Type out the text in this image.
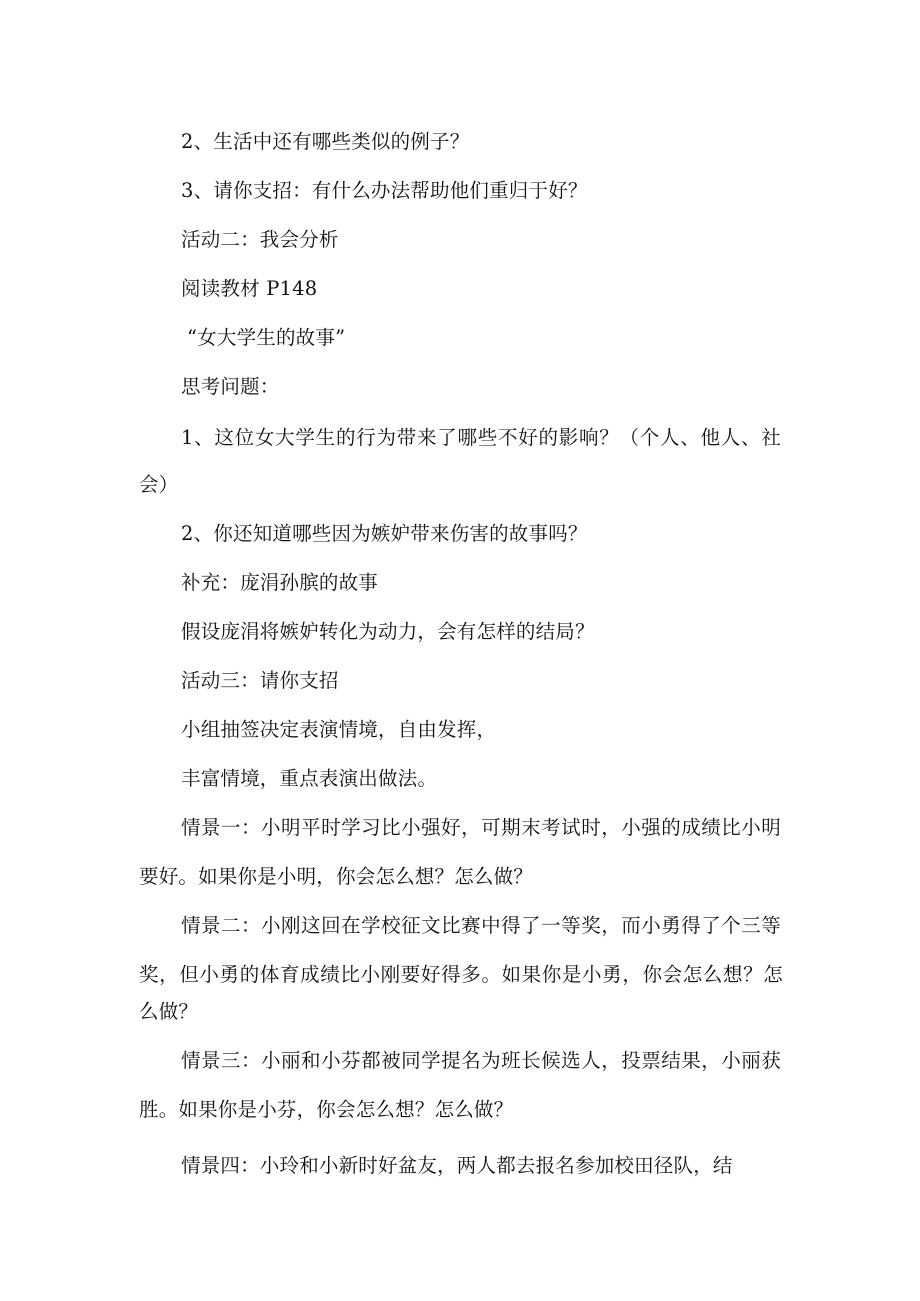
2、生活中还有哪些类似的例子？
3、请你支招：有什么办法帮助他们重归于好？
活动二：我会分析
阅读教材 P148
“女大学生的故事”
思考问题：
1、这位女大学生的行为带来了哪些不好的影响？（个人、他人、社
会）
2、你还知道哪些因为嫉妒带来伤害的故事吗？
补充：庞涓孙膑的故事
假设庞涓将嫉妒转化为动力，会有怎样的结局？
活动三：请你支招
小组抽签决定表演情境，自由发挥，
丰富情境，重点表演出做法。
情景一：小明平时学习比小强好，可期末考试时，小强的成绩比小明
要好。如果你是小明，你会怎么想？怎么做？
情景二：小刚这回在学校征文比赛中得了一等奖，而小勇得了个三等
奖，但小勇的体育成绩比小刚要好得多。如果你是小勇，你会怎么想？怎
么做？
情景三：小丽和小芬都被同学提名为班长候选人，投票结果，小丽获
胜。如果你是小芬，你会怎么想？怎么做？
情景四：小玲和小新时好盆友，两人都去报名参加校田径队，结
